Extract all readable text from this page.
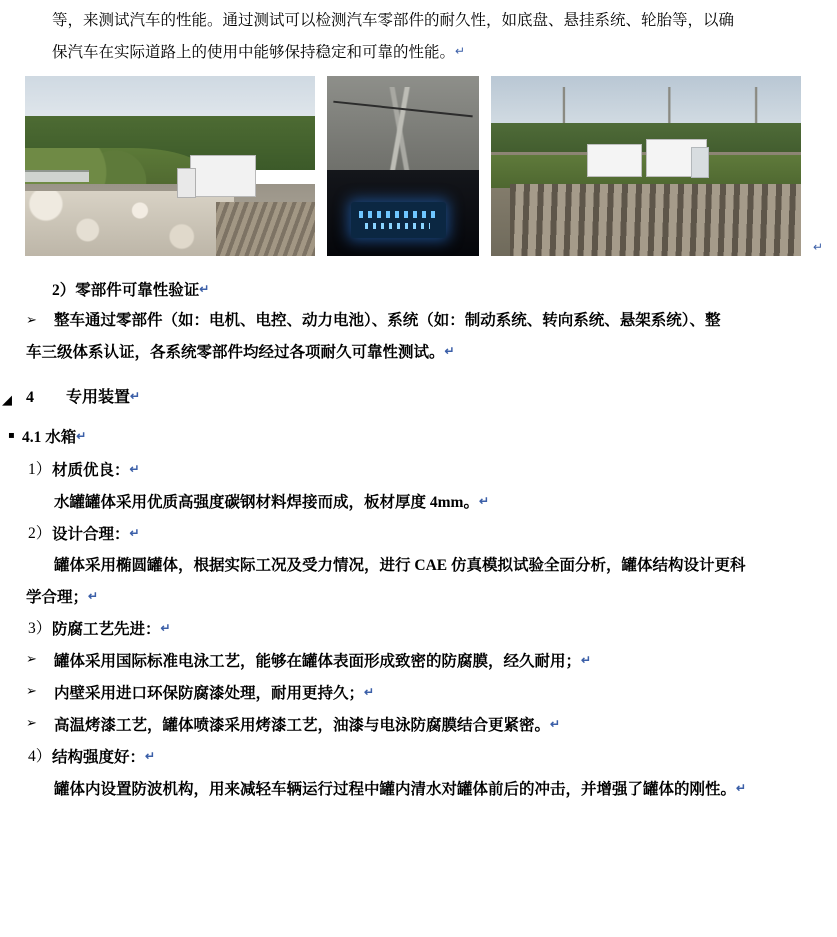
等，来测试汽车的性能。通过测试可以检测汽车零部件的耐久性，如底盘、悬挂系统、轮胎等，以确
保汽车在实际道路上的使用中能够保持稳定和可靠的性能。↵
↵
2）零部件可靠性验证↵
➢ 整车通过零部件（如：电机、电控、动力电池）、系统（如：制动系统、转向系统、悬架系统）、整
车三级体系认证，各系统零部件均经过各项耐久可靠性测试。↵
◢ 4 专用装置↵
▪ 4.1 水箱↵
1） 材质优良：↵
水罐罐体采用优质高强度碳钢材料焊接而成，板材厚度 4mm。↵
2） 设计合理：↵
罐体采用椭圆罐体，根据实际工况及受力情况，进行 CAE 仿真模拟试验全面分析，罐体结构设计更科
学合理；↵
3） 防腐工艺先进：↵
➢ 罐体采用国际标准电泳工艺，能够在罐体表面形成致密的防腐膜，经久耐用；↵
➢ 内壁采用进口环保防腐漆处理，耐用更持久；↵
➢ 高温烤漆工艺，罐体喷漆采用烤漆工艺，油漆与电泳防腐膜结合更紧密。↵
4） 结构强度好：↵
罐体内设置防波机构，用来减轻车辆运行过程中罐内清水对罐体前后的冲击，并增强了罐体的刚性。↵
